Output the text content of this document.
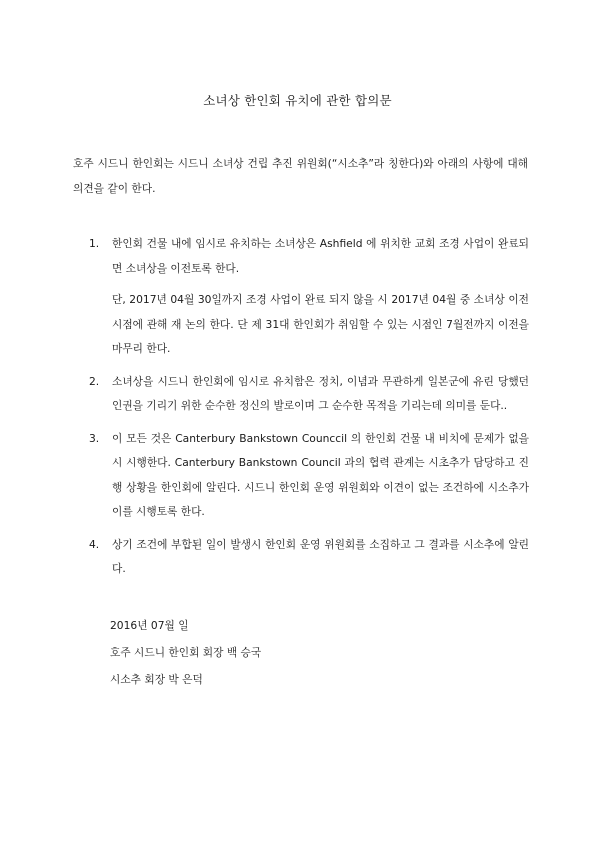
소녀상 한인회 유치에 관한 합의문
호주 시드니 한인회는 시드니 소녀상 건립 추진 위원회(“시소추”라 칭한다)와 아래의 사항에 대해 의견을 같이 한다.
1. 한인회 건물 내에 임시로 유치하는 소녀상은 Ashfield 에 위치한 교회 조경 사업이 완료되면 소녀상을 이전토록 한다.

단, 2017년 04월 30일까지 조경 사업이 완료 되지 않을 시 2017년 04월 중 소녀상 이전 시점에 관해 재 논의 한다. 단 제 31대 한인회가 취임할 수 있는 시점인 7월전까지 이전을 마무리 한다.

2. 소녀상을 시드니 한인회에 임시로 유치함은 정치, 이념과 무관하게 일본군에 유린 당했던 인권을 기리기 위한 순수한 정신의 발로이며 그 순수한 목적을 기리는데 의미를 둔다..

3. 이 모든 것은 Canterbury Bankstown Counccil 의 한인회 건물 내 비치에 문제가 없을 시 시행한다. Canterbury Bankstown Council 과의 협력 관계는 시초추가 담당하고 진행 상황을 한인회에 알린다. 시드니 한인회 운영 위원회와 이견이 없는 조건하에 시소추가 이를 시행토록 한다.

4. 상기 조건에 부합된 일이 발생시 한인회 운영 위원회를 소집하고 그 결과를 시소추에 알린다.

2016년 07월 일
호주 시드니 한인회 회장 백 승국
시소추 회장 박 은덕
